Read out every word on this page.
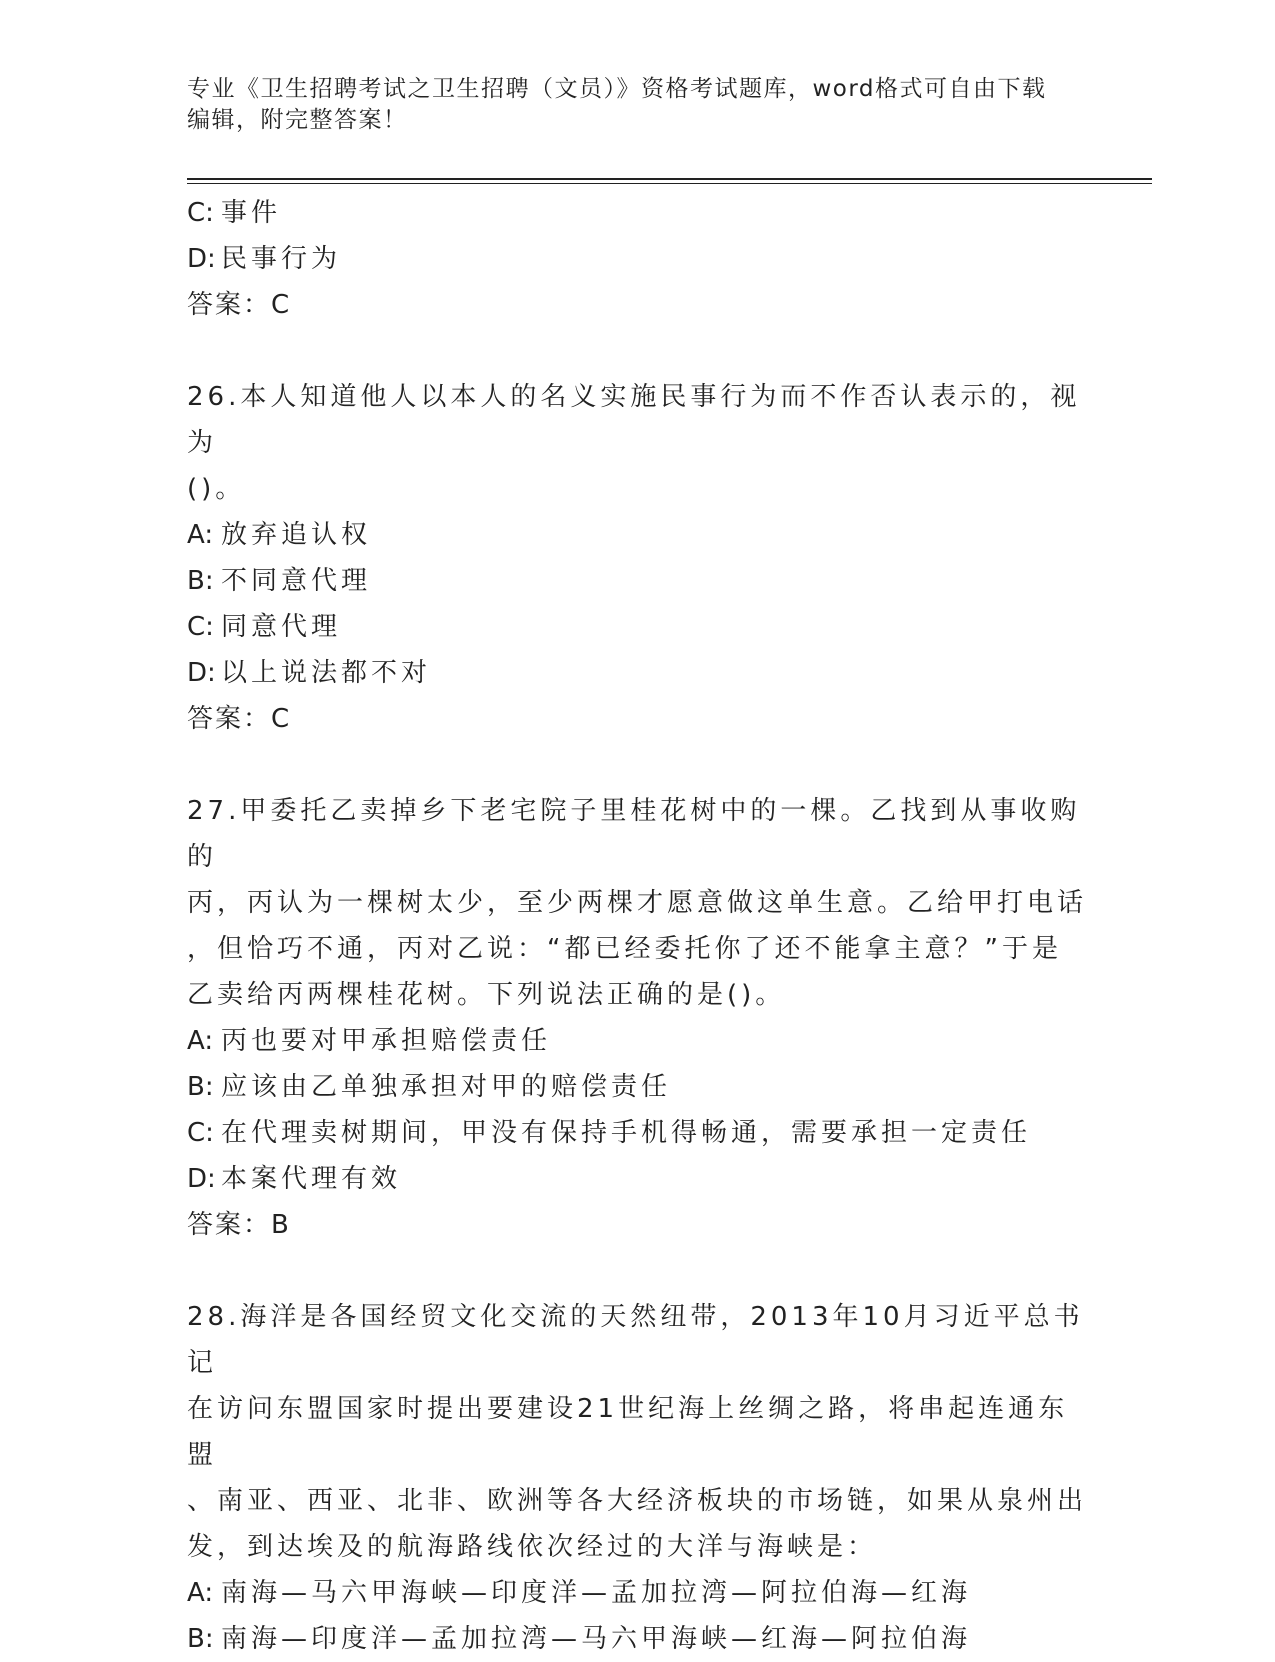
专业《卫生招聘考试之卫生招聘（文员）》资格考试题库，word格式可自由下载
编辑，附完整答案！
C: 事件
D: 民事行为
答案：C
26.本人知道他人以本人的名义实施民事行为而不作否认表示的，视为
()。
A: 放弃追认权
B: 不同意代理
C: 同意代理
D: 以上说法都不对
答案：C
27.甲委托乙卖掉乡下老宅院子里桂花树中的一棵。乙找到从事收购的
丙，丙认为一棵树太少，至少两棵才愿意做这单生意。乙给甲打电话
，但恰巧不通，丙对乙说：“都已经委托你了还不能拿主意？”于是
乙卖给丙两棵桂花树。下列说法正确的是()。
A: 丙也要对甲承担赔偿责任
B: 应该由乙单独承担对甲的赔偿责任
C: 在代理卖树期间，甲没有保持手机得畅通，需要承担一定责任
D: 本案代理有效
答案：B
28.海洋是各国经贸文化交流的天然纽带，2013年10月习近平总书记
在访问东盟国家时提出要建设21世纪海上丝绸之路，将串起连通东盟
、南亚、西亚、北非、欧洲等各大经济板块的市场链，如果从泉州出
发，到达埃及的航海路线依次经过的大洋与海峡是：
A: 南海—马六甲海峡—印度洋—孟加拉湾—阿拉伯海—红海
B: 南海—印度洋—孟加拉湾—马六甲海峡—红海—阿拉伯海
